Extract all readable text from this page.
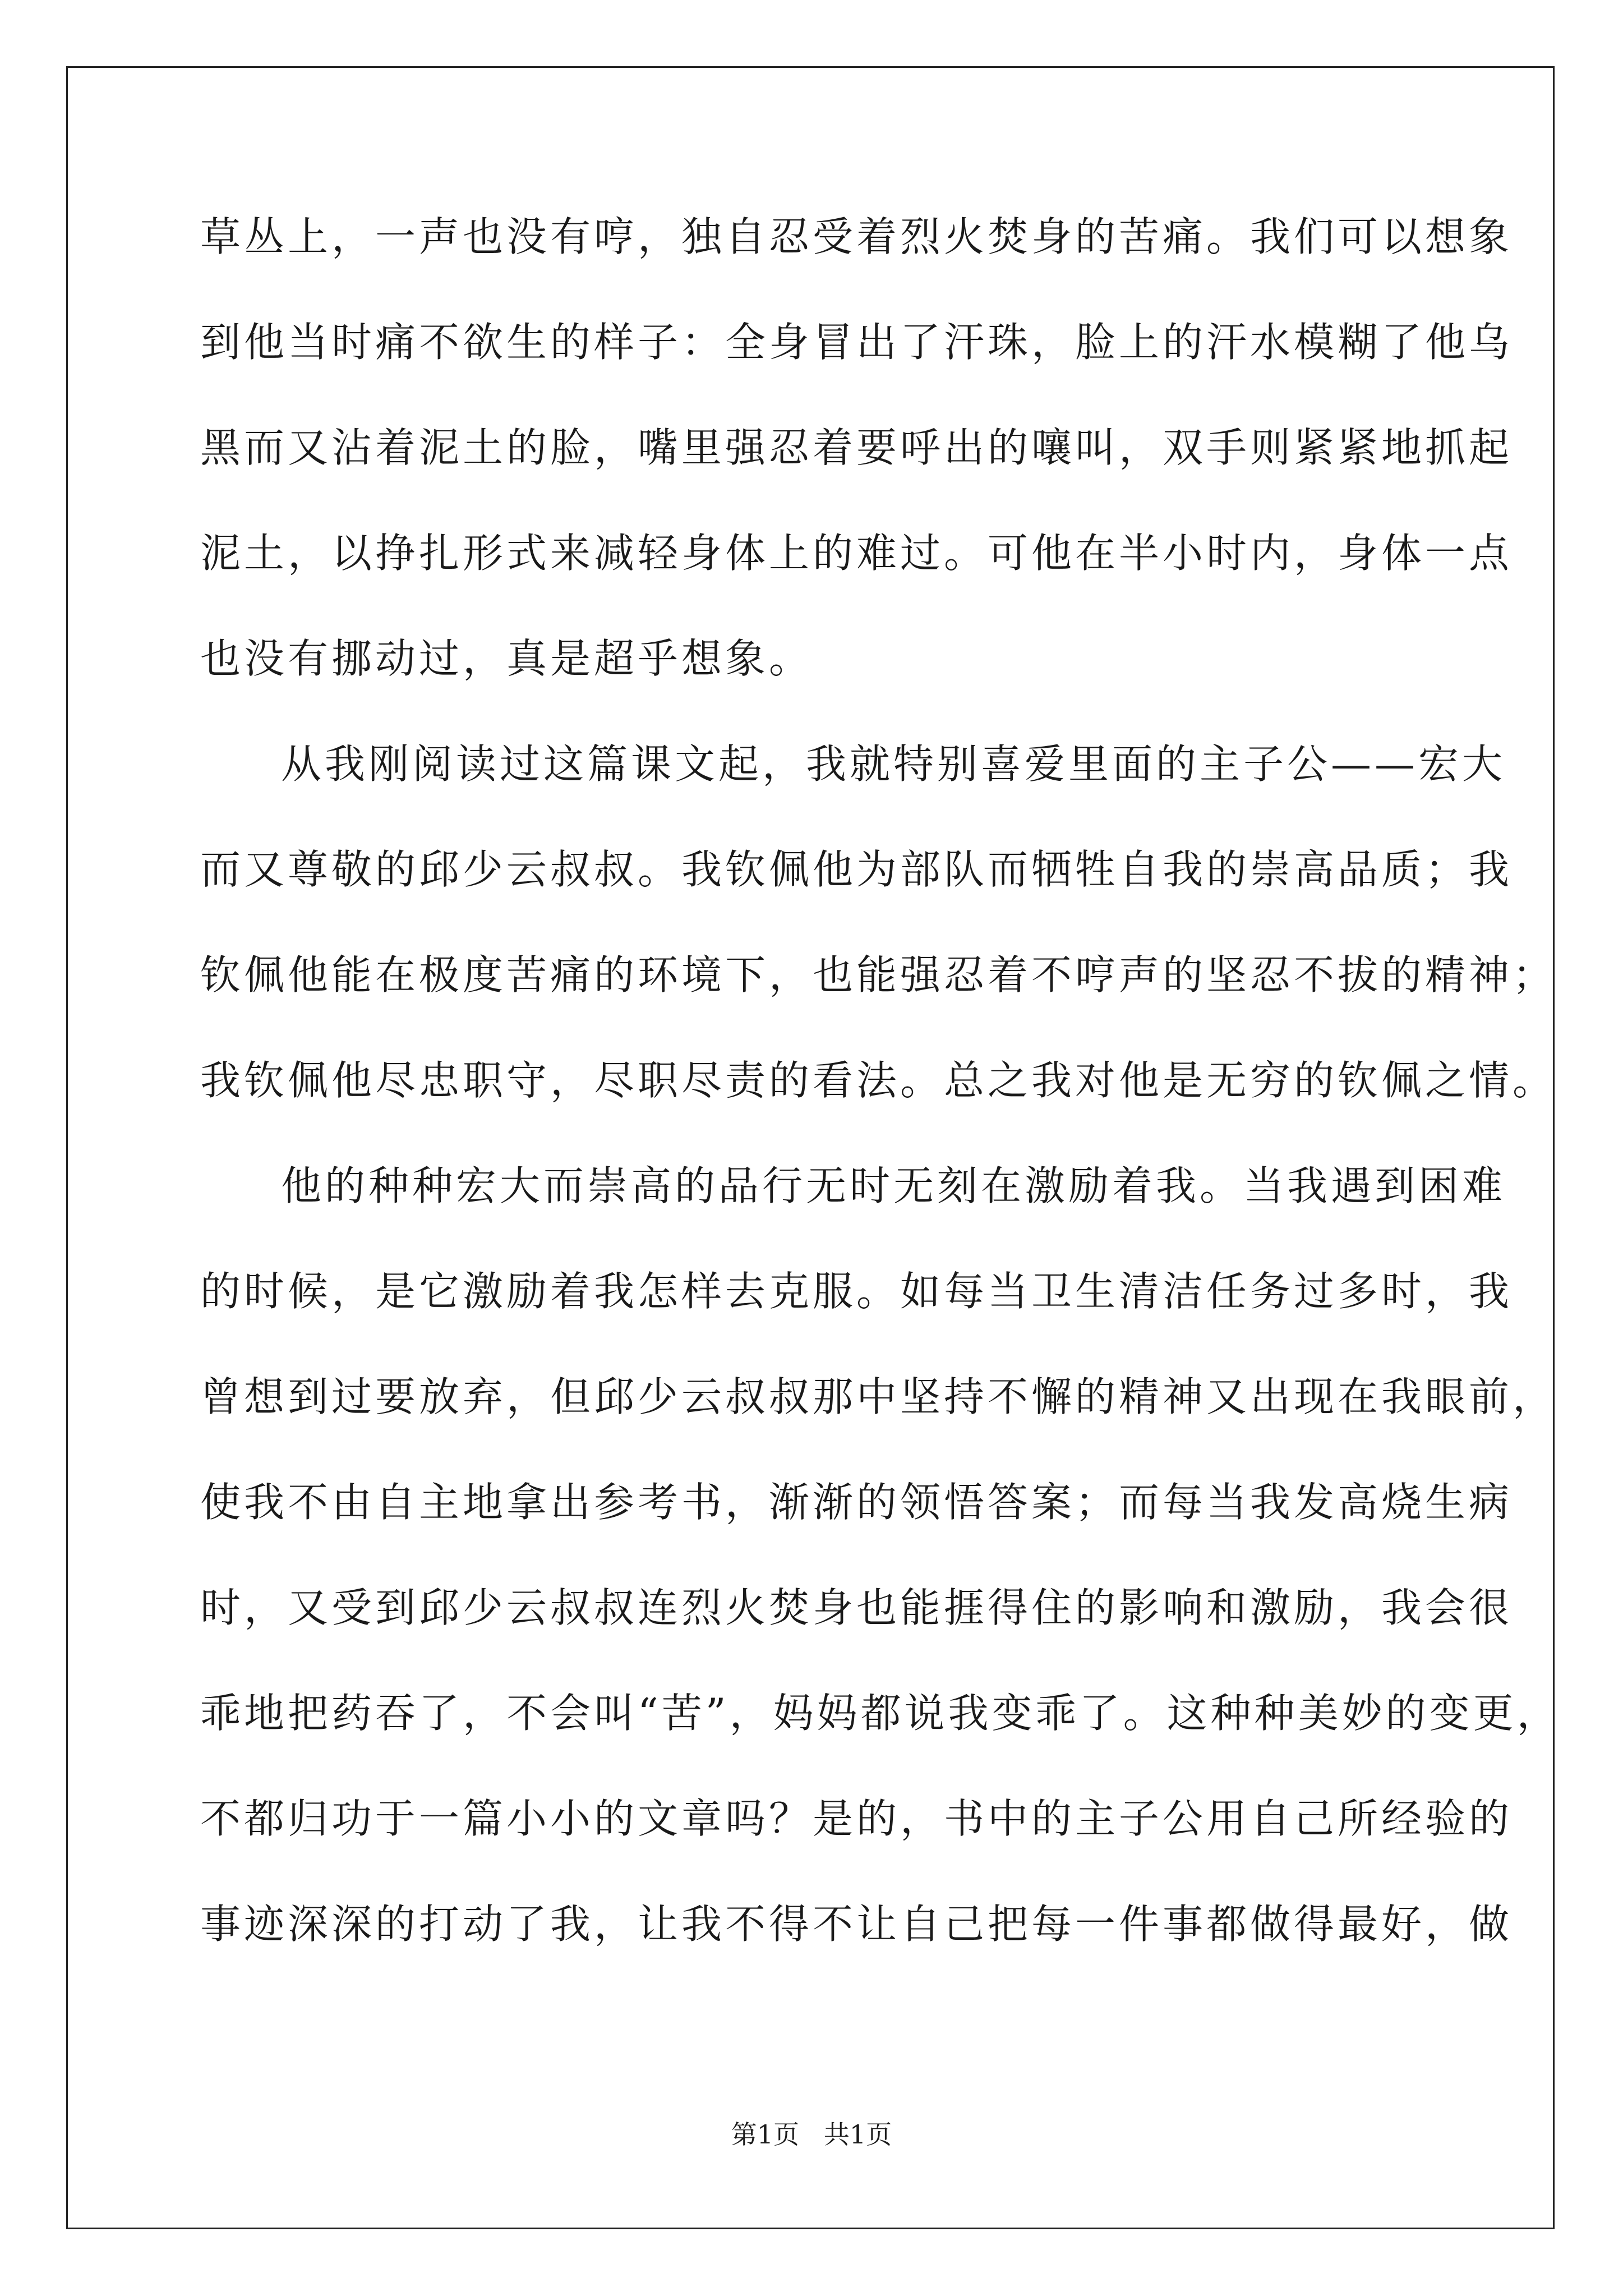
草丛上，一声也没有哼，独自忍受着烈火焚身的苦痛。我们可以想象
到他当时痛不欲生的样子：全身冒出了汗珠，脸上的汗水模糊了他乌
黑而又沾着泥土的脸，嘴里强忍着要呼出的嚷叫，双手则紧紧地抓起
泥土，以挣扎形式来减轻身体上的难过。可他在半小时内，身体一点
也没有挪动过，真是超乎想象。
从我刚阅读过这篇课文起，我就特别喜爱里面的主子公——宏大
而又尊敬的邱少云叔叔。我钦佩他为部队而牺牲自我的崇高品质；我
钦佩他能在极度苦痛的环境下，也能强忍着不哼声的坚忍不拔的精神；
我钦佩他尽忠职守，尽职尽责的看法。总之我对他是无穷的钦佩之情。
他的种种宏大而崇高的品行无时无刻在激励着我。当我遇到困难
的时候，是它激励着我怎样去克服。如每当卫生清洁任务过多时，我
曾想到过要放弃，但邱少云叔叔那中坚持不懈的精神又出现在我眼前，
使我不由自主地拿出参考书，渐渐的领悟答案；而每当我发高烧生病
时，又受到邱少云叔叔连烈火焚身也能捱得住的影响和激励，我会很
乖地把药吞了，不会叫“苦”，妈妈都说我变乖了。这种种美妙的变更，
不都归功于一篇小小的文章吗？是的，书中的主子公用自己所经验的
事迹深深的打动了我，让我不得不让自己把每一件事都做得最好，做
第1页   共1页
